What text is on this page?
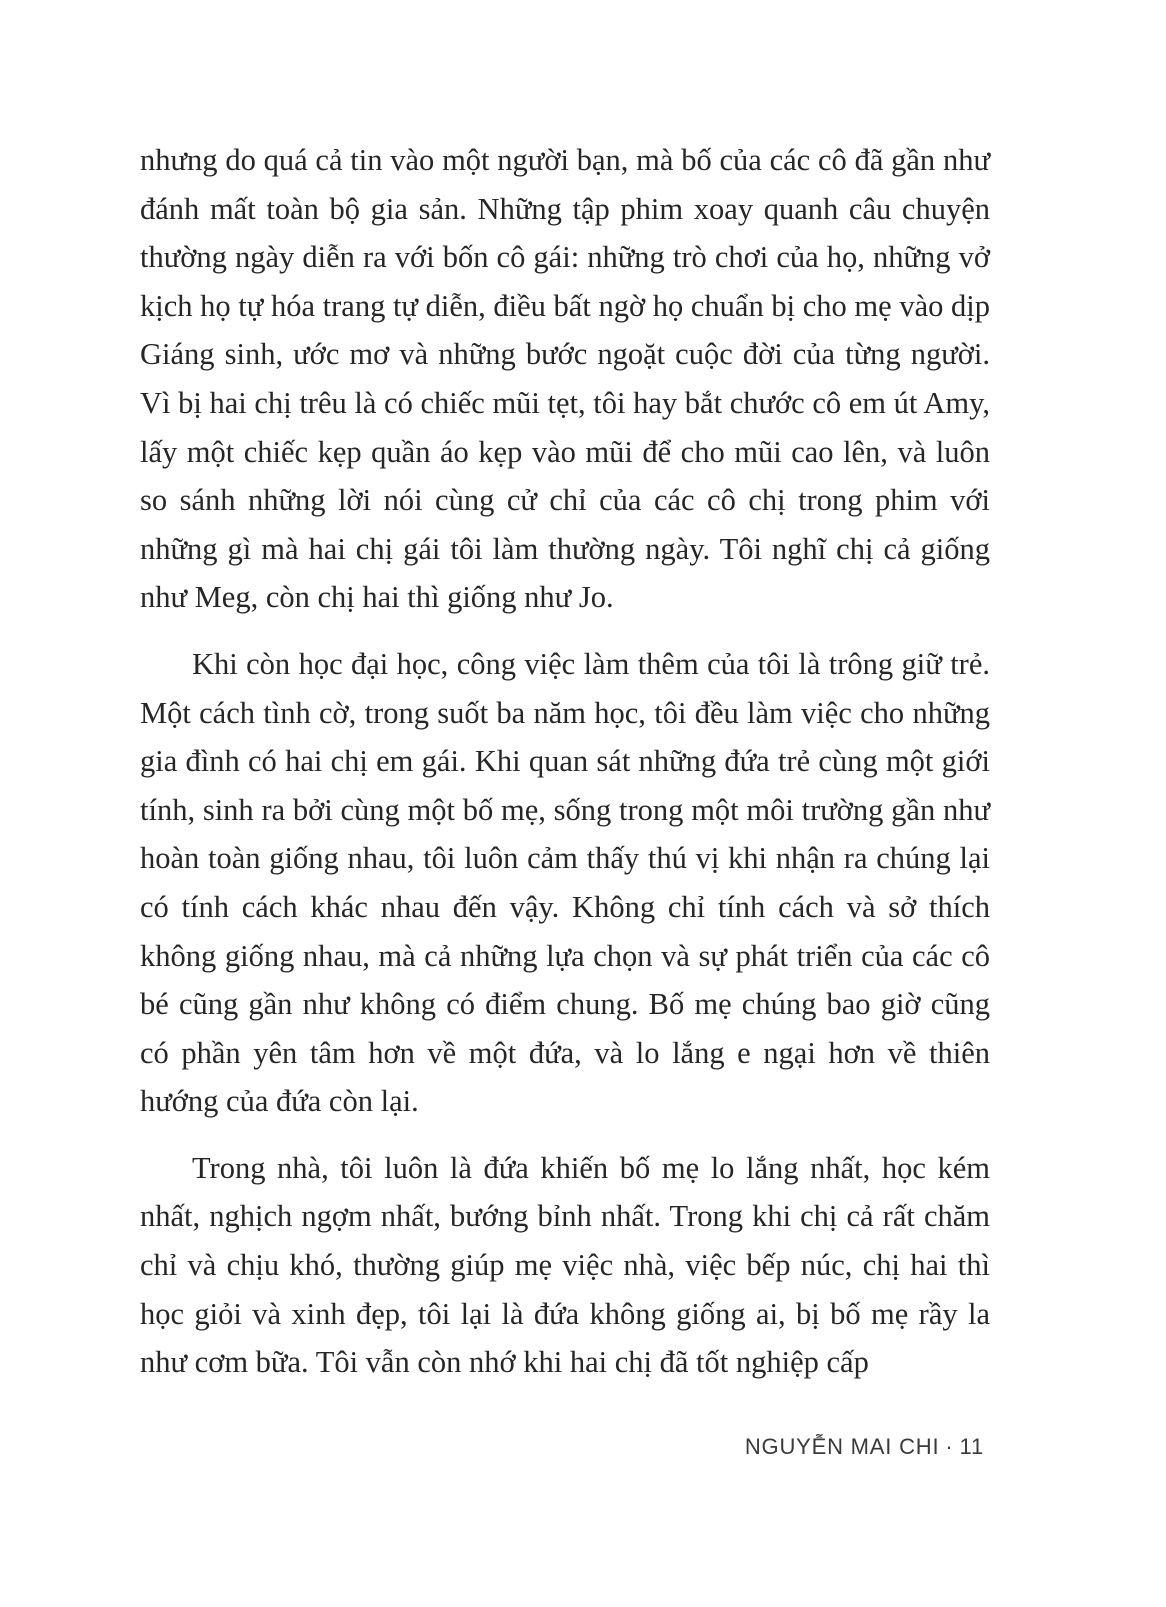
nhưng do quá cả tin vào một người bạn, mà bố của các cô đã gần như đánh mất toàn bộ gia sản. Những tập phim xoay quanh câu chuyện thường ngày diễn ra với bốn cô gái: những trò chơi của họ, những vở kịch họ tự hóa trang tự diễn, điều bất ngờ họ chuẩn bị cho mẹ vào dịp Giáng sinh, ước mơ và những bước ngoặt cuộc đời của từng người. Vì bị hai chị trêu là có chiếc mũi tẹt, tôi hay bắt chước cô em út Amy, lấy một chiếc kẹp quần áo kẹp vào mũi để cho mũi cao lên, và luôn so sánh những lời nói cùng cử chỉ của các cô chị trong phim với những gì mà hai chị gái tôi làm thường ngày. Tôi nghĩ chị cả giống như Meg, còn chị hai thì giống như Jo.

Khi còn học đại học, công việc làm thêm của tôi là trông giữ trẻ. Một cách tình cờ, trong suốt ba năm học, tôi đều làm việc cho những gia đình có hai chị em gái. Khi quan sát những đứa trẻ cùng một giới tính, sinh ra bởi cùng một bố mẹ, sống trong một môi trường gần như hoàn toàn giống nhau, tôi luôn cảm thấy thú vị khi nhận ra chúng lại có tính cách khác nhau đến vậy. Không chỉ tính cách và sở thích không giống nhau, mà cả những lựa chọn và sự phát triển của các cô bé cũng gần như không có điểm chung. Bố mẹ chúng bao giờ cũng có phần yên tâm hơn về một đứa, và lo lắng e ngại hơn về thiên hướng của đứa còn lại.

Trong nhà, tôi luôn là đứa khiến bố mẹ lo lắng nhất, học kém nhất, nghịch ngợm nhất, bướng bỉnh nhất. Trong khi chị cả rất chăm chỉ và chịu khó, thường giúp mẹ việc nhà, việc bếp núc, chị hai thì học giỏi và xinh đẹp, tôi lại là đứa không giống ai, bị bố mẹ rầy la như cơm bữa. Tôi vẫn còn nhớ khi hai chị đã tốt nghiệp cấp

NGUYỄN MAI CHI · 11
